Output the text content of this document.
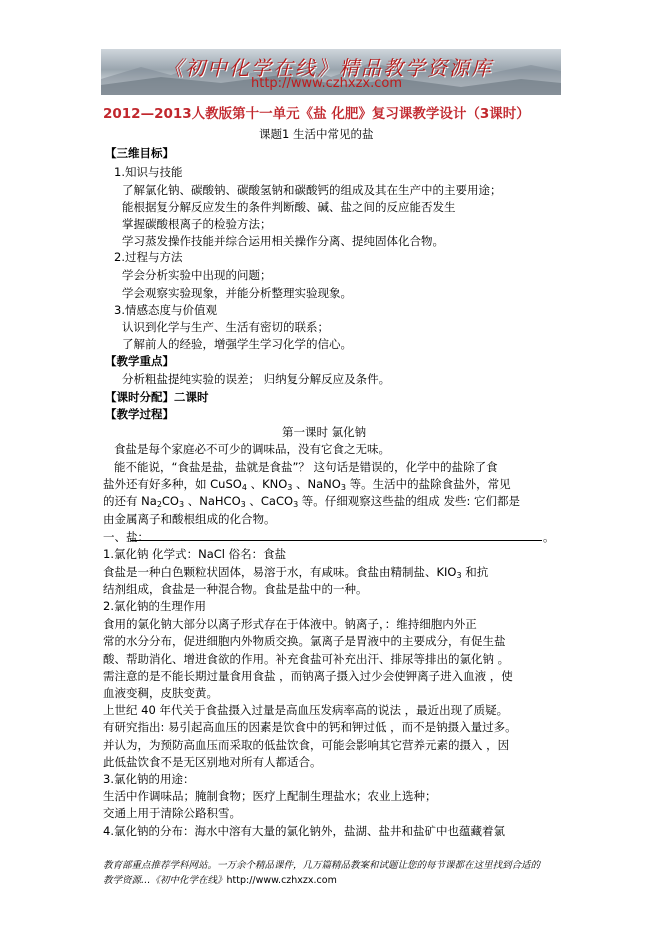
《初中化学在线》精品教学资源库
http://www.czhxzx.com
2012—2013人教版第十一单元《盐 化肥》复习课教学设计（3课时）
课题1 生活中常见的盐
【三维目标】
1.知识与技能
了解氯化钠、碳酸钠、碳酸氢钠和碳酸钙的组成及其在生产中的主要用途；
能根据复分解反应发生的条件判断酸、碱、盐之间的反应能否发生
掌握碳酸根离子的检验方法；
学习蒸发操作技能并综合运用相关操作分离、提纯固体化合物。
2.过程与方法
学会分析实验中出现的问题；
学会观察实验现象，并能分析整理实验现象。
3.情感态度与价值观
认识到化学与生产、生活有密切的联系；
了解前人的经验，增强学生学习化学的信心。
【教学重点】
分析粗盐提纯实验的误差； 归纳复分解反应及条件。
【课时分配】二课时
【教学过程】
第一课时 氯化钠
食盐是每个家庭必不可少的调味品，没有它食之无味。
能不能说，“食盐是盐，盐就是食盐”？ 这句话是错误的，化学中的盐除了食
盐外还有好多种，如 CuSO$_4$ 、$KNO_3$ 、NaNO$_3$ 等。生活中的盐除食盐外，常见
的还有 $Na_2CO_3$ 、NaHCO$_3$ 、CaCO$_3$ 等。仔细观察这些盐的组成 发些: 它们都是
由金属离子和酸根组成的化合物。
一、盐：	。
1.氯化钠 化学式：NaCl 俗名：食盐
食盐是一种白色颗粒状固体，易溶于水，有咸味。食盐由精制盐、$KIO_3$ 和抗
结剂组成，食盐是一种混合物。食盐是盐中的一种。
2.氯化钠的生理作用
食用的氯化钠大部分以离子形式存在于体液中。钠离子，：维持细胞内外正
常的水分分布，促进细胞内外物质交换。氯离子是胃液中的主要成分，有促生盐
酸、帮助消化、增进食欲的作用。补充食盐可补充出汗、排尿等排出的氯化钠 。
需注意的是不能长期过量食用食盐 ，而钠离子摄入过少会使钾离子进入血液 ，使
血液变稠，皮肤变黄。
上世纪 40 年代关于食盐摄入过量是高血压发病率高的说法 ，最近出现了质疑。
有研究指出: 易引起高血压的因素是饮食中的钙和钾过低 ，而不是钠摄入量过多。
并认为，为预防高血压而采取的低盐饮食，可能会影响其它营养元素的摄入 ，因
此低盐饮食不是无区别地对所有人都适合。
3.氯化钠的用途：
生活中作调味品；腌制食物；医疗上配制生理盐水；农业上选种；
交通上用于清除公路积雪。
4.氯化钠的分布：海水中溶有大量的氯化钠外，盐湖、盐井和盐矿中也蕴藏着氯
教育部重点推荐学科网站。一万余个精品课件，几万篇精品教案和试题让您的每节课都在这里找到合适的
教学资源…《初中化学在线》http://www.czhxzx.com
